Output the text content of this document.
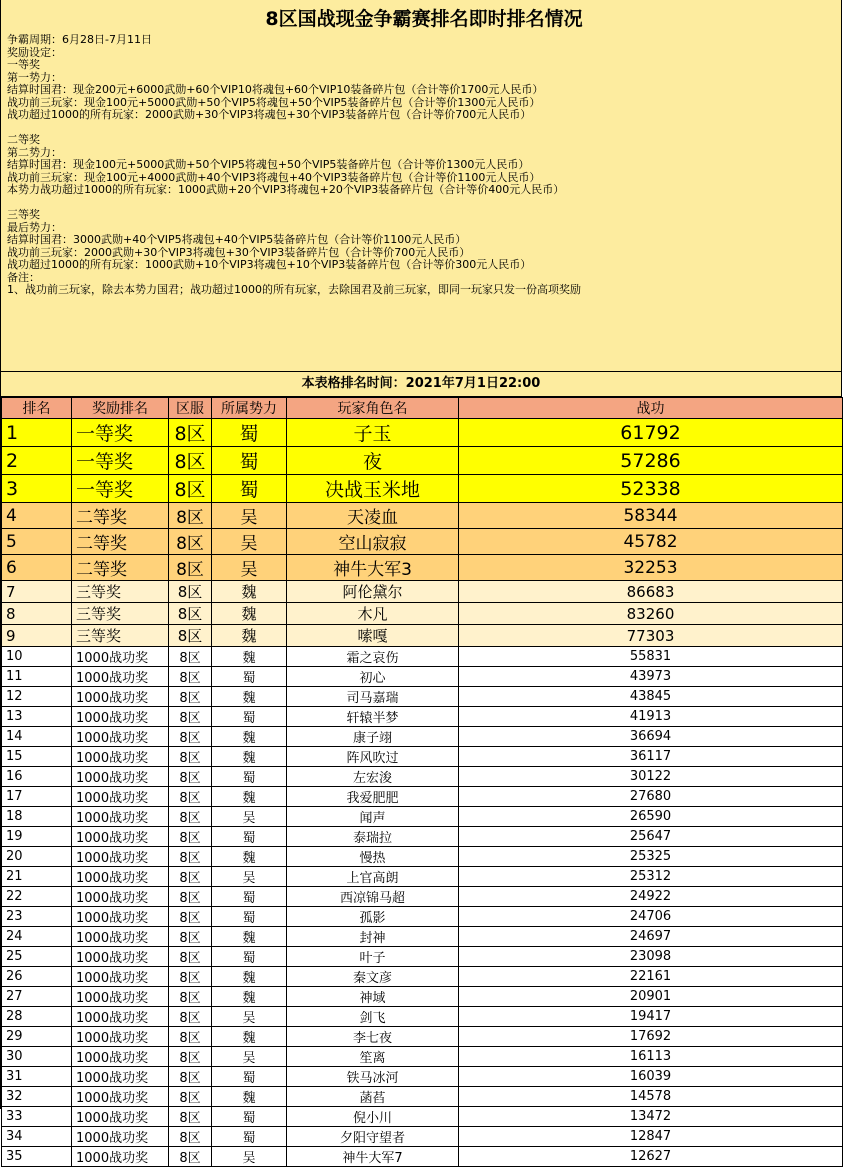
8区国战现金争霸赛排名即时排名情况
争霸周期：6月28日-7月11日
奖励设定：
一等奖
第一势力：
结算时国君：现金200元+6000武勋+60个VIP10将魂包+60个VIP10装备碎片包（合计等价1700元人民币）
战功前三玩家：现金100元+5000武勋+50个VIP5将魂包+50个VIP5装备碎片包（合计等价1300元人民币）
战功超过1000的所有玩家：2000武勋+30个VIP3将魂包+30个VIP3装备碎片包（合计等价700元人民币）
二等奖
第二势力：
结算时国君：现金100元+5000武勋+50个VIP5将魂包+50个VIP5装备碎片包（合计等价1300元人民币）
战功前三玩家：现金100元+4000武勋+40个VIP3将魂包+40个VIP3装备碎片包（合计等价1100元人民币）
本势力战功超过1000的所有玩家：1000武勋+20个VIP3将魂包+20个VIP3装备碎片包（合计等价400元人民币）
三等奖
最后势力：
结算时国君：3000武勋+40个VIP5将魂包+40个VIP5装备碎片包（合计等价1100元人民币）
战功前三玩家：2000武勋+30个VIP3将魂包+30个VIP3装备碎片包（合计等价700元人民币）
战功超过1000的所有玩家：1000武勋+10个VIP3将魂包+10个VIP3装备碎片包（合计等价300元人民币）
备注：
1、战功前三玩家，除去本势力国君；战功超过1000的所有玩家，去除国君及前三玩家，即同一玩家只发一份高项奖励
本表格排名时间：2021年7月1日22:00
排名	奖励排名	区服	所属势力	玩家角色名	战功
1	一等奖	8区	蜀	子玉	61792
2	一等奖	8区	蜀	夜	57286
3	一等奖	8区	蜀	决战玉米地	52338
4	二等奖	8区	吴	天凌血	58344
5	二等奖	8区	吴	空山寂寂	45782
6	二等奖	8区	吴	神牛大军3	32253
7	三等奖	8区	魏	阿伦黛尔	86683
8	三等奖	8区	魏	木凡	83260
9	三等奖	8区	魏	嗦嘎	77303
10	1000战功奖	8区	魏	霜之哀伤	55831
11	1000战功奖	8区	蜀	初心	43973
12	1000战功奖	8区	魏	司马嘉瑞	43845
13	1000战功奖	8区	蜀	轩辕半梦	41913
14	1000战功奖	8区	魏	康子翊	36694
15	1000战功奖	8区	魏	阵风吹过	36117
16	1000战功奖	8区	蜀	左宏浚	30122
17	1000战功奖	8区	魏	我爱肥肥	27680
18	1000战功奖	8区	吴	闻声	26590
19	1000战功奖	8区	蜀	泰瑞拉	25647
20	1000战功奖	8区	魏	慢热	25325
21	1000战功奖	8区	吴	上官高朗	25312
22	1000战功奖	8区	蜀	西凉锦马超	24922
23	1000战功奖	8区	蜀	孤影	24706
24	1000战功奖	8区	魏	封神	24697
25	1000战功奖	8区	蜀	叶子	23098
26	1000战功奖	8区	魏	秦文彦	22161
27	1000战功奖	8区	魏	神域	20901
28	1000战功奖	8区	吴	剑飞	19417
29	1000战功奖	8区	魏	李七夜	17692
30	1000战功奖	8区	吴	笙离	16113
31	1000战功奖	8区	蜀	铁马冰河	16039
32	1000战功奖	8区	魏	菡萏	14578
33	1000战功奖	8区	蜀	倪小川	13472
34	1000战功奖	8区	蜀	夕阳守望者	12847
35	1000战功奖	8区	吴	神牛大军7	12627
